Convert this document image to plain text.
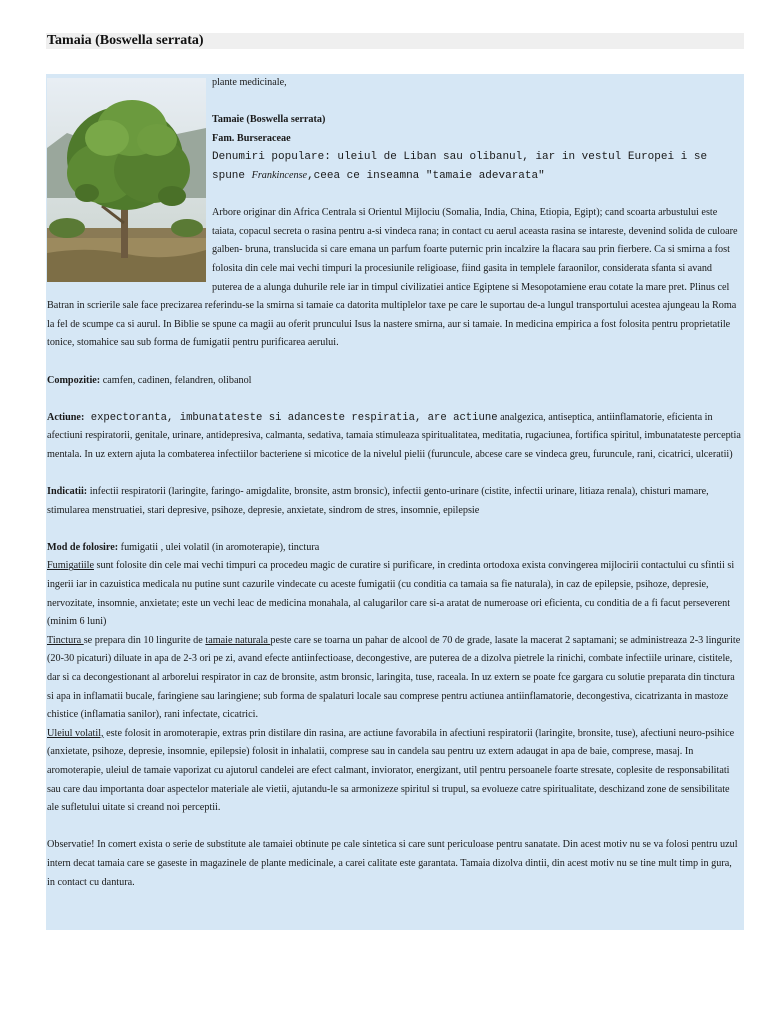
Tamaia (Boswella serrata)

plante medicinale,

Tamaie (Boswella serrata)

Fam. Burseraceae

Denumiri populare: uleiul de Liban sau olibanul, iar in vestul Europei i se spune Frankincense,ceea ce inseamna "tamaie adevarata"

Arbore originar din Africa Centrala si Orientul Mijlociu (Somalia, India, China, Etiopia, Egipt); cand scoarta arbustului este taiata, copacul secreta o rasina pentru a-si vindeca rana; in contact cu aerul aceasta rasina se intareste, devenind solida de culoare galben- bruna, translucida si care emana un parfum foarte puternic prin incalzire la flacara sau prin fierbere. Ca si smirna a fost folosita din cele mai vechi timpuri la procesiunile religioase, fiind gasita in templele faraonilor, considerata sfanta si avand puterea de a alunga duhurile rele iar in timpul civilizatiei antice Egiptene si Mesopotamiene erau cotate la mare pret. Plinus cel Batran in scrierile sale face precizarea referindu-se la smirna si tamaie ca datorita multiplelor taxe pe care le suportau de-a lungul transportului acestea ajungeau la Roma la fel de scumpe ca si aurul. In Biblie se spune ca magii au oferit pruncului Isus la nastere smirna, aur si tamaie. In medicina empirica a fost folosita pentru proprietatile tonice, stomahice sau sub forma de fumigatii pentru purificarea aerului.

Compozitie: camfen, cadinen, felandren, olibanol

Actiune: expectoranta, imbunatateste si adanceste respiratia, are actiune analgezica, antiseptica, antiinflamatorie, eficienta in afectiuni respiratorii, genitale, urinare, antidepresiva, calmanta, sedativa, tamaia stimuleaza spiritualitatea, meditatia, rugaciunea, fortifica spiritul, imbunatateste perceptia mentala. In uz extern ajuta la combaterea infectiilor bacteriene si micotice de la nivelul pielii (furuncule, abcese care se vindeca greu, furuncule, rani, cicatrici, ulceratii)

Indicatii: infectii respiratorii (laringite, faringo- amigdalite, bronsite, astm bronsic), infectii gento-urinare (cistite, infectii urinare, litiaza renala), chisturi mamare, stimularea menstruatiei, stari depresive, psihoze, depresie, anxietate, sindrom de stres, insomnie, epilepsie

Mod de folosire: fumigatii , ulei volatil (in aromoterapie), tinctura

Fumigatiile sunt folosite din cele mai vechi timpuri ca procedeu magic de curatire si purificare, in credinta ortodoxa exista convingerea mijlocirii contactului cu sfintii si ingerii iar in cazuistica medicala nu putine sunt cazurile vindecate cu aceste fumigatii (cu conditia ca tamaia sa fie naturala), in caz de epilepsie, psihoze, depresie, nervozitate, insomnie, anxietate; este un vechi leac de medicina monahala, al calugarilor care si-a aratat de numeroase ori eficienta, cu conditia de a fi facut perseverent (minim 6 luni)

Tinctura se prepara din 10 lingurite de tamaie naturala peste care se toarna un pahar de alcool de 70 de grade, lasate la macerat 2 saptamani; se administreaza 2-3 lingurite (20-30 picaturi) diluate in apa de 2-3 ori pe zi, avand efecte antiinfectioase, decongestive, are puterea de a dizolva pietrele la rinichi, combate infectiile urinare, cistitele, dar si ca decongestionant al arborelui respirator in caz de bronsite, astm bronsic, laringita, tuse, raceala. In uz extern se poate fce gargara cu solutie preparata din tinctura si apa in inflamatii bucale, faringiene sau laringiene; sub forma de spalaturi locale sau comprese pentru actiunea antiinflamatorie, decongestiva, cicatrizanta in mastoze chistice (inflamatia sanilor), rani infectate, cicatrici.

Uleiul volatil, este folosit in aromoterapie, extras prin distilare din rasina, are actiune favorabila in afectiuni respiratorii (laringite, bronsite, tuse), afectiuni neuro-psihice (anxietate, psihoze, depresie, insomnie, epilepsie) folosit in inhalatii, comprese sau in candela sau pentru uz extern adaugat in apa de baie, comprese, masaj. In aromoterapie, uleiul de tamaie vaporizat cu ajutorul candelei are efect calmant, inviorator, energizant, util pentru persoanele foarte stresate, coplesite de responsabilitati sau care dau importanta doar aspectelor materiale ale vietii, ajutandu-le sa armonizeze spiritul si trupul, sa evolueze catre spiritualitate, deschizand zone de sensibilitate ale sufletului uitate si creand noi perceptii.

Observatie! In comert exista o serie de substitute ale tamaiei obtinute pe cale sintetica si care sunt periculoase pentru sanatate. Din acest motiv nu se va folosi pentru uzul intern decat tamaia care se gaseste in magazinele de plante medicinale, a carei calitate este garantata. Tamaia dizolva dintii, din acest motiv nu se tine mult timp in gura, in contact cu dantura.
